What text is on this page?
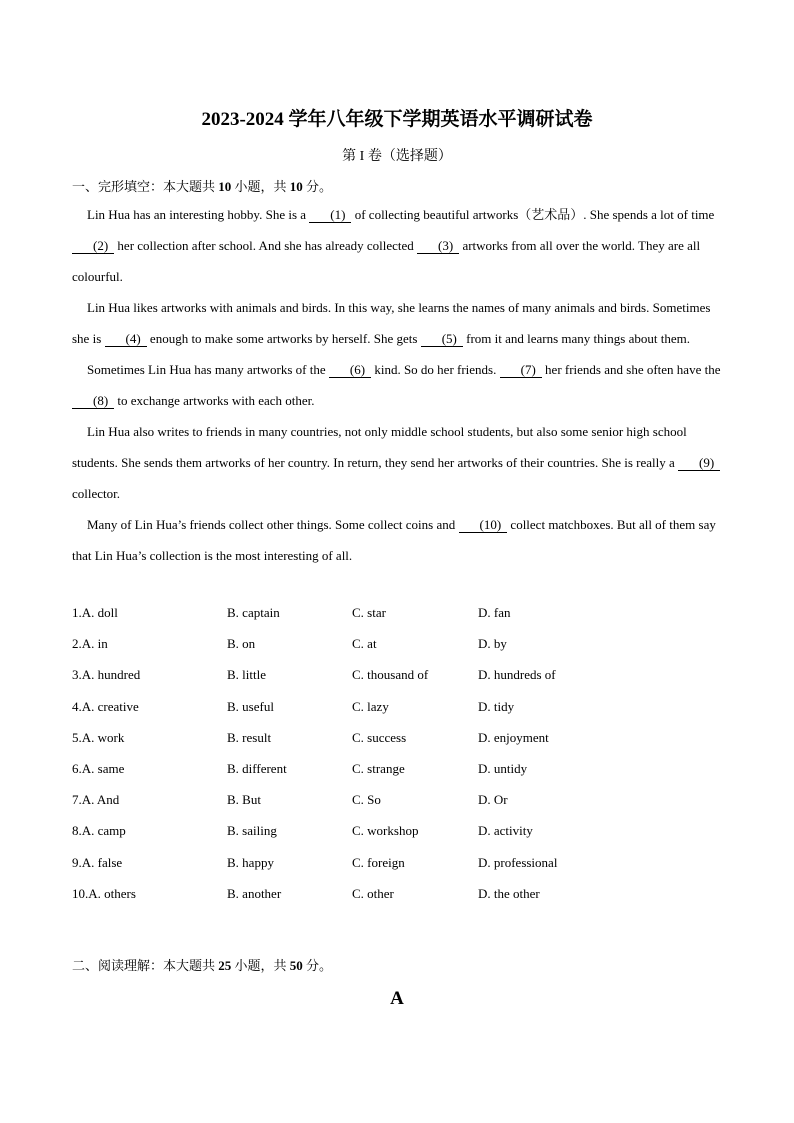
2023-2024 学年八年级下学期英语水平调研试卷
第 I 卷（选择题）
一、完形填空：本大题共 10 小题，共 10 分。

Lin Hua has an interesting hobby. She is a (1) of collecting beautiful artworks（艺术品）. She spends a lot of time (2) her collection after school. And she has already collected (3) artworks from all over the world. They are all colourful.

Lin Hua likes artworks with animals and birds. In this way, she learns the names of many animals and birds. Sometimes she is (4) enough to make some artworks by herself. She gets (5) from it and learns many things about them.

Sometimes Lin Hua has many artworks of the (6) kind. So do her friends. (7) her friends and she often have the (8) to exchange artworks with each other.

Lin Hua also writes to friends in many countries, not only middle school students, but also some senior high school students. She sends them artworks of her country. In return, they send her artworks of their countries. She is really a (9) collector.

Many of Lin Hua’s friends collect other things. Some collect coins and (10) collect matchboxes. But all of them say that Lin Hua’s collection is the most interesting of all.

1.A. doll	B. captain	C. star	D. fan
2.A. in	B. on	C. at	D. by
3.A. hundred	B. little	C. thousand of	D. hundreds of
4.A. creative	B. useful	C. lazy	D. tidy
5.A. work	B. result	C. success	D. enjoyment
6.A. same	B. different	C. strange	D. untidy
7.A. And	B. But	C. So	D. Or
8.A. camp	B. sailing	C. workshop	D. activity
9.A. false	B. happy	C. foreign	D. professional
10.A. others	B. another	C. other	D. the other
二、阅读理解：本大题共 25 小题，共 50 分。
A
